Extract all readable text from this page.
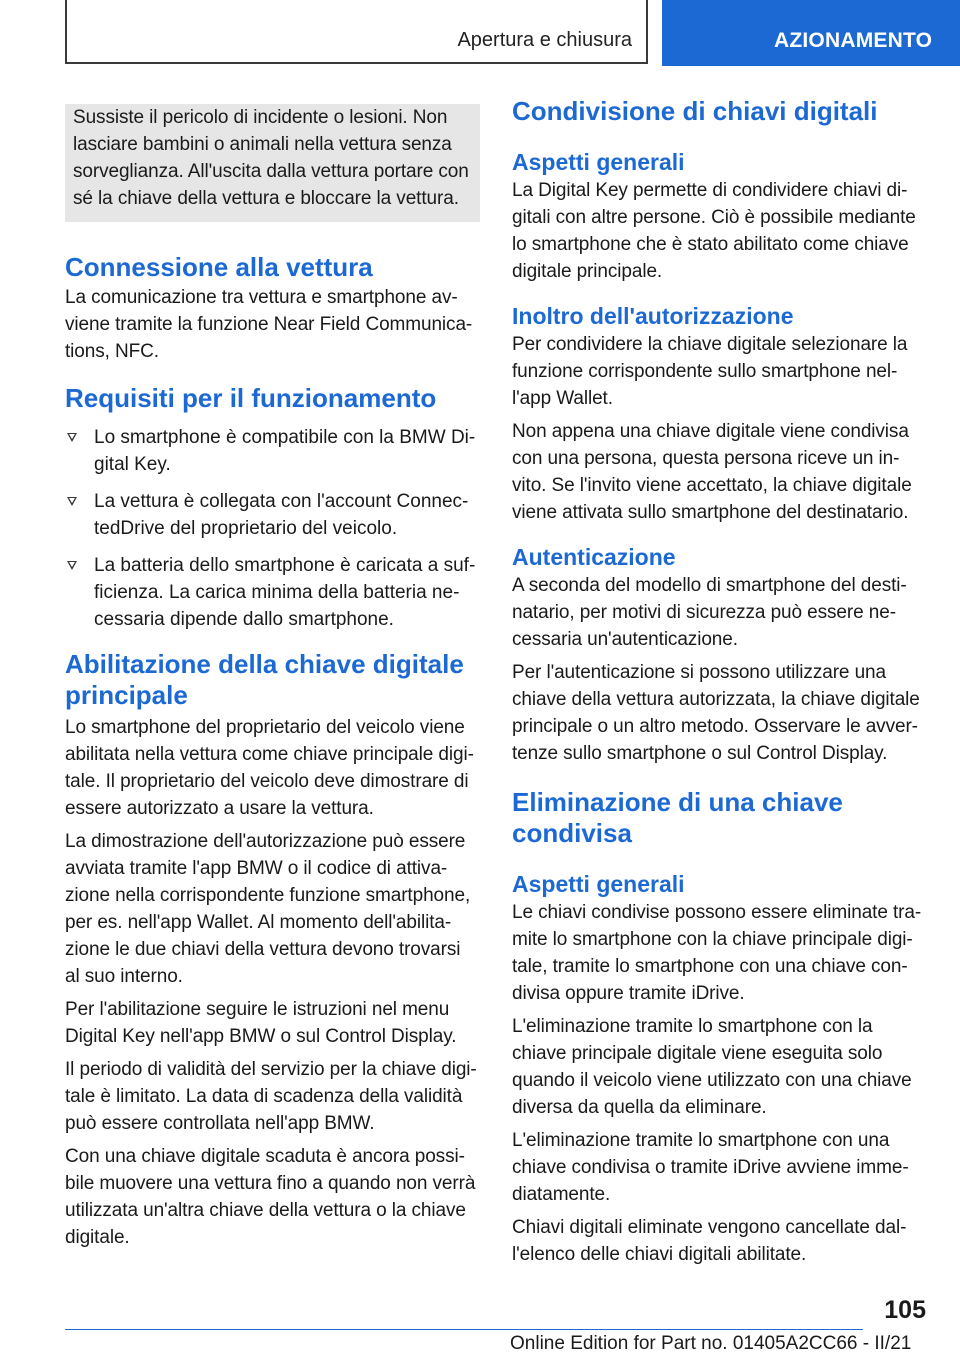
Apertura e chiusura	AZIONAMENTO

Sussiste il pericolo di incidente o lesioni. Non lasciare bambini o animali nella vettura senza sorveglianza. All'uscita dalla vettura portare con sé la chiave della vettura e bloccare la vettura.

Connessione alla vettura

La comunicazione tra vettura e smartphone av-viene tramite la funzione Near Field Communica-tions, NFC.

Requisiti per il funzionamento
Lo smartphone è compatibile con la BMW Di-gital Key.
La vettura è collegata con l'account Connec-tedDrive del proprietario del veicolo.
La batteria dello smartphone è caricata a suf-ficienza. La carica minima della batteria ne-cessaria dipende dallo smartphone.
Abilitazione della chiave digitale principale

Lo smartphone del proprietario del veicolo viene abilitata nella vettura come chiave principale digi-tale. Il proprietario del veicolo deve dimostrare di essere autorizzato a usare la vettura.

La dimostrazione dell'autorizzazione può essere avviata tramite l'app BMW o il codice di attiva-zione nella corrispondente funzione smartphone, per es. nell'app Wallet. Al momento dell'abilita-zione le due chiavi della vettura devono trovarsi al suo interno.

Per l'abilitazione seguire le istruzioni nel menu Digital Key nell'app BMW o sul Control Display.

Il periodo di validità del servizio per la chiave digi-tale è limitato. La data di scadenza della validità può essere controllata nell'app BMW.

Con una chiave digitale scaduta è ancora possi-bile muovere una vettura fino a quando non verrà utilizzata un'altra chiave della vettura o la chiave digitale.

Condivisione di chiavi digitali
Aspetti generali

La Digital Key permette di condividere chiavi di-gitali con altre persone. Ciò è possibile mediante lo smartphone che è stato abilitato come chiave digitale principale.

Inoltro dell'autorizzazione

Per condividere la chiave digitale selezionare la funzione corrispondente sullo smartphone nel-l'app Wallet.

Non appena una chiave digitale viene condivisa con una persona, questa persona riceve un in-vito. Se l'invito viene accettato, la chiave digitale viene attivata sullo smartphone del destinatario.

Autenticazione

A seconda del modello di smartphone del desti-natario, per motivi di sicurezza può essere ne-cessaria un'autenticazione.

Per l'autenticazione si possono utilizzare una chiave della vettura autorizzata, la chiave digitale principale o un altro metodo. Osservare le avver-tenze sullo smartphone o sul Control Display.

Eliminazione di una chiave condivisa
Aspetti generali

Le chiavi condivise possono essere eliminate tra-mite lo smartphone con la chiave principale digi-tale, tramite lo smartphone con una chiave con-divisa oppure tramite iDrive.

L'eliminazione tramite lo smartphone con la chiave principale digitale viene eseguita solo quando il veicolo viene utilizzato con una chiave diversa da quella da eliminare.

L'eliminazione tramite lo smartphone con una chiave condivisa o tramite iDrive avviene imme-diatamente.

Chiavi digitali eliminate vengono cancellate dal-l'elenco delle chiavi digitali abilitate.

105
Online Edition for Part no. 01405A2CC66 - II/21
